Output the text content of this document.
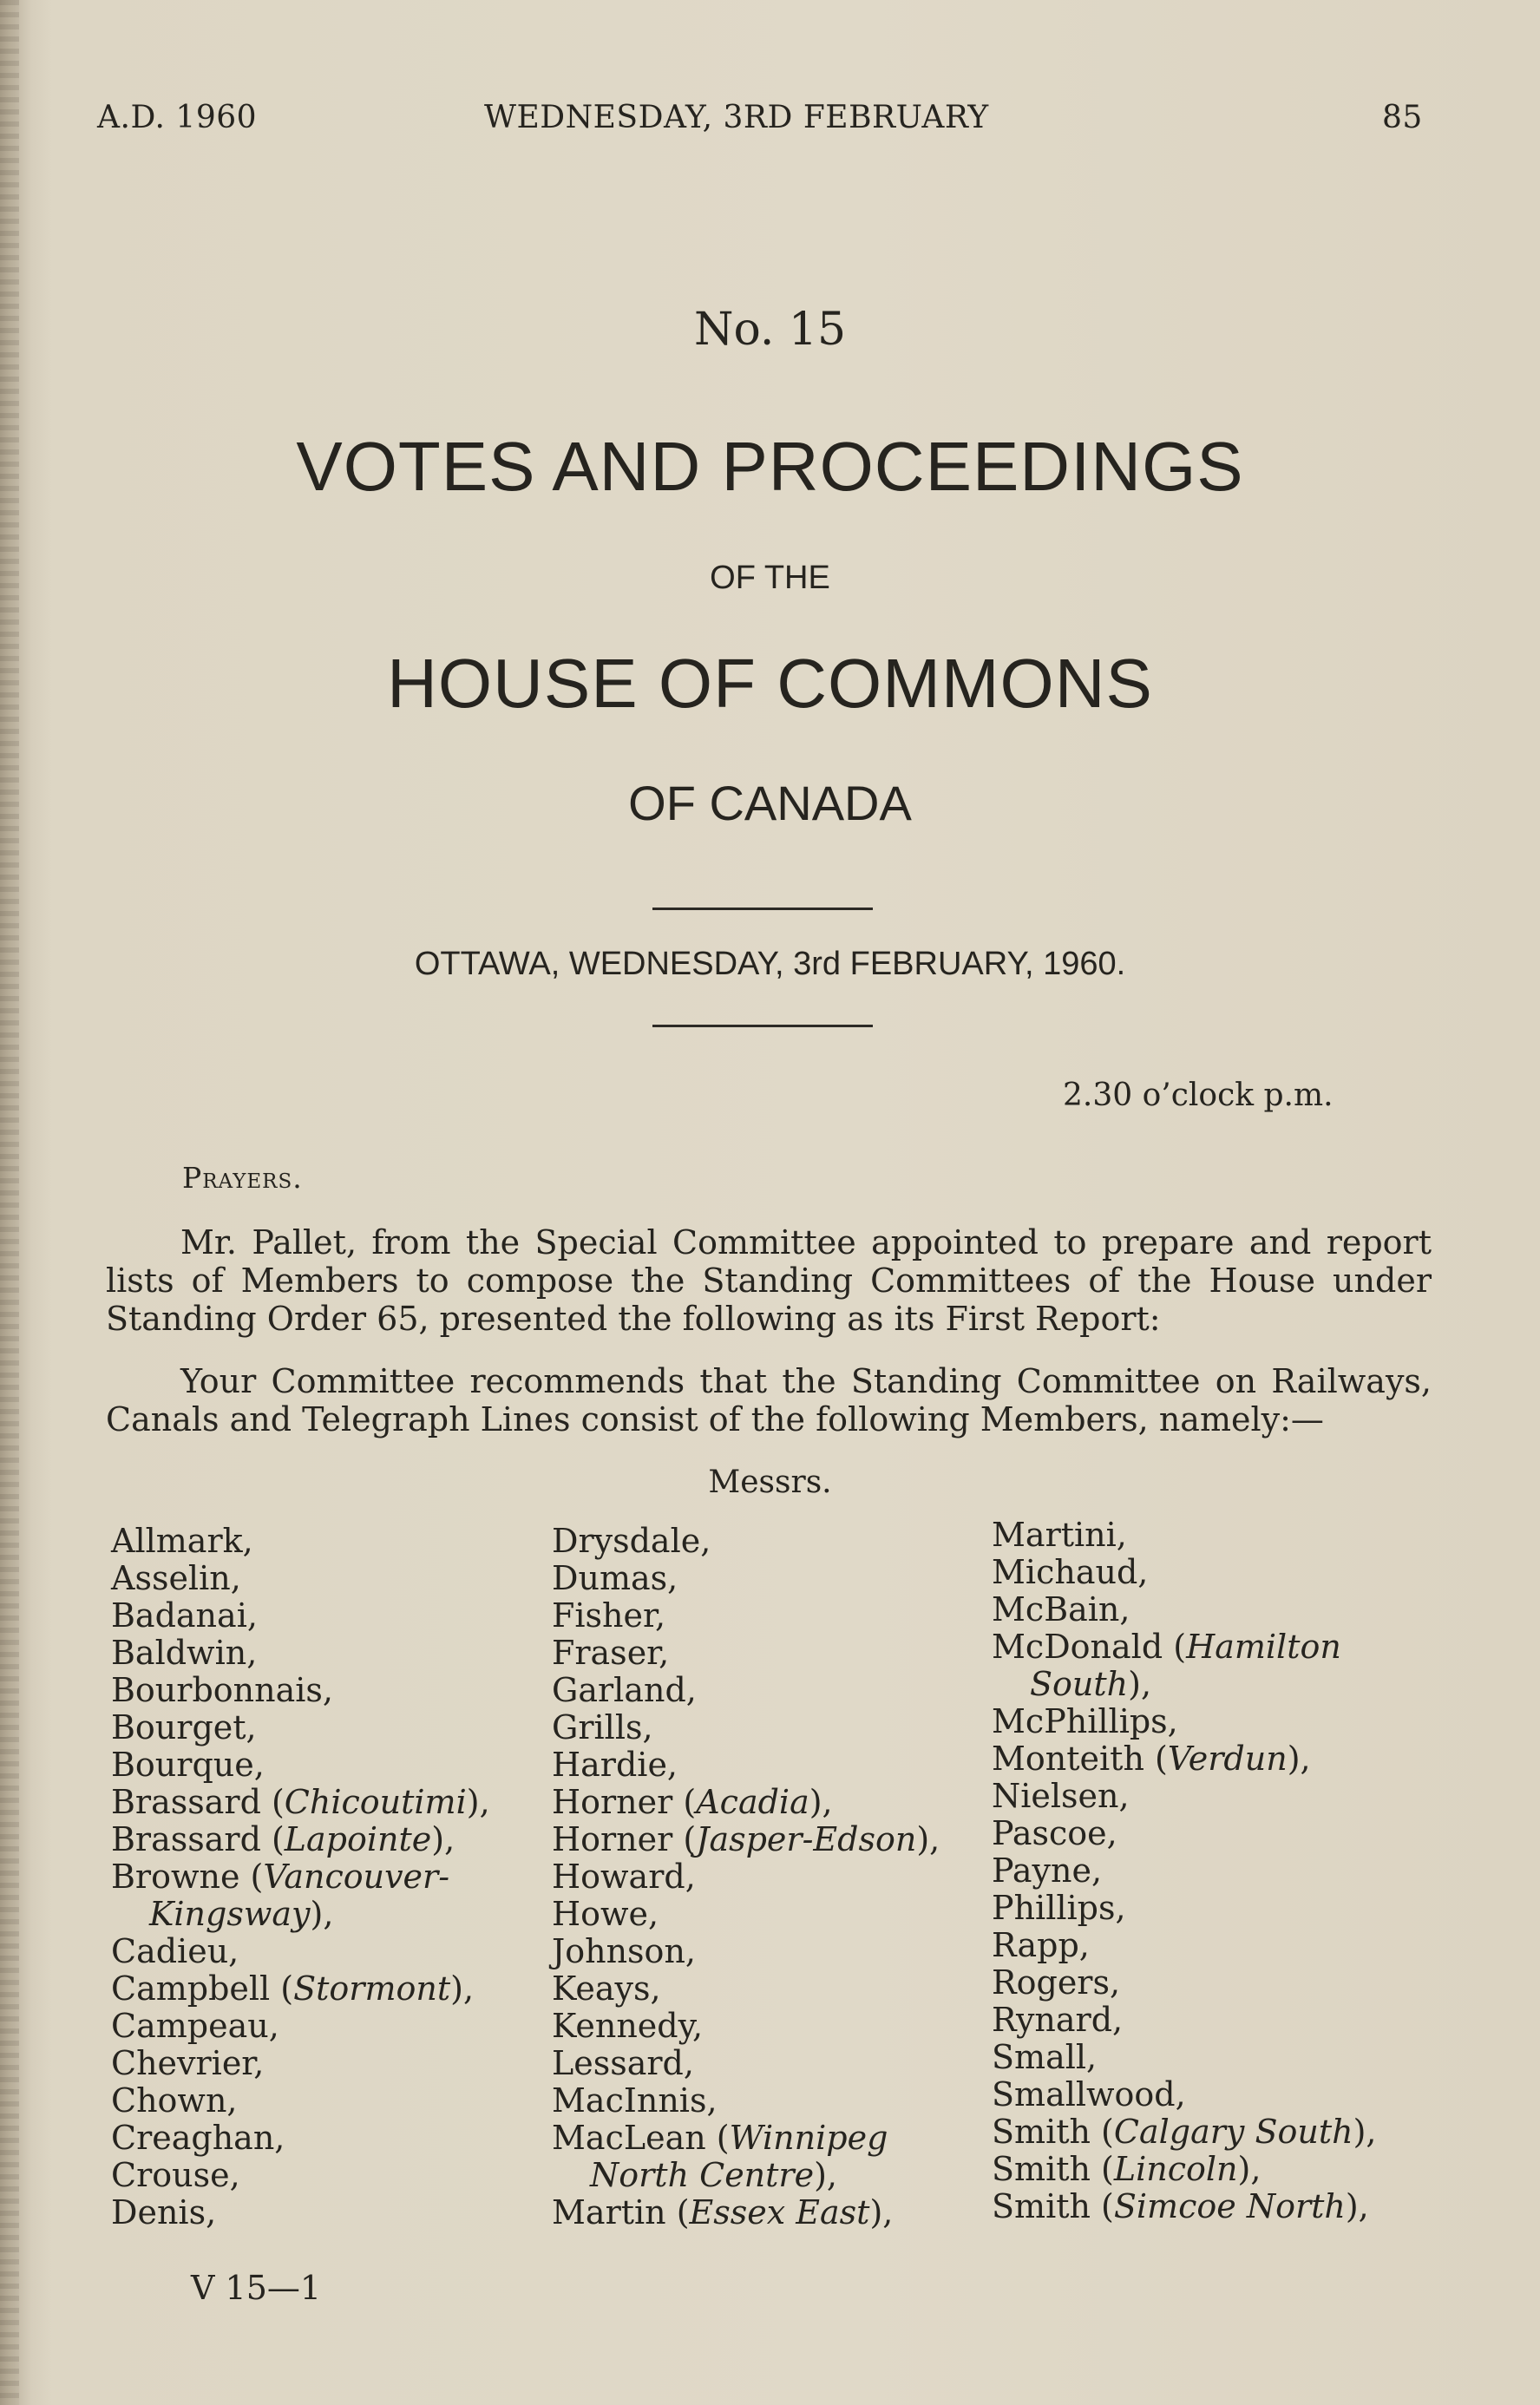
A.D. 1960	WEDNESDAY, 3RD FEBRUARY	85
No. 15
VOTES AND PROCEEDINGS
OF THE
HOUSE OF COMMONS
OF CANADA
OTTAWA, WEDNESDAY, 3rd FEBRUARY, 1960.
2.30 o’clock p.m.
Prayers.
Mr. Pallet, from the Special Committee appointed to prepare and report lists of Members to compose the Standing Committees of the House under Standing Order 65, presented the following as its First Report:
Your Committee recommends that the Standing Committee on Railways, Canals and Telegraph Lines consist of the following Members, namely:—
Messrs.
Allmark,
Asselin,
Badanai,
Baldwin,
Bourbonnais,
Bourget,
Bourque,
Brassard (Chicoutimi),
Brassard (Lapointe),
Browne (Vancouver-
Kingsway),
Cadieu,
Campbell (Stormont),
Campeau,
Chevrier,
Chown,
Creaghan,
Crouse,
Denis,
Drysdale,
Dumas,
Fisher,
Fraser,
Garland,
Grills,
Hardie,
Horner (Acadia),
Horner (Jasper-Edson),
Howard,
Howe,
Johnson,
Keays,
Kennedy,
Lessard,
MacInnis,
MacLean (Winnipeg
North Centre),
Martin (Essex East),
Martini,
Michaud,
McBain,
McDonald (Hamilton
South),
McPhillips,
Monteith (Verdun),
Nielsen,
Pascoe,
Payne,
Phillips,
Rapp,
Rogers,
Rynard,
Small,
Smallwood,
Smith (Calgary South),
Smith (Lincoln),
Smith (Simcoe North),
V 15—1
